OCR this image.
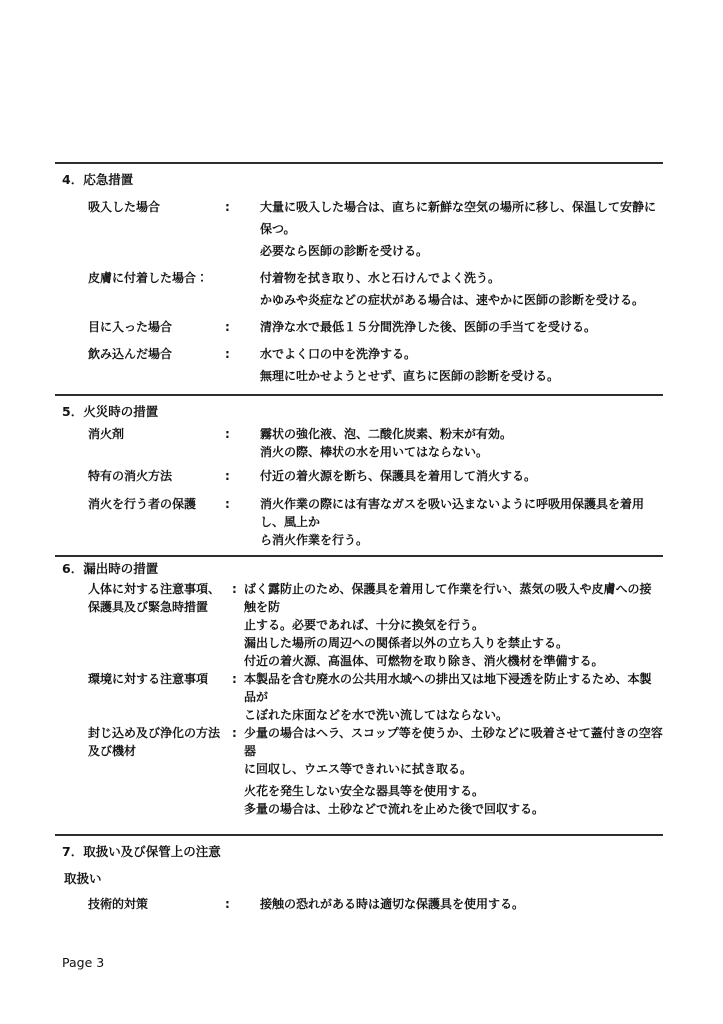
4．応急措置
吸入した場合	:	大量に吸入した場合は、直ちに新鮮な空気の場所に移し、保温して安静に保つ。
必要なら医師の診断を受ける。
皮膚に付着した場合：	付着物を拭き取り、水と石けんでよく洗う。
かゆみや炎症などの症状がある場合は、速やかに医師の診断を受ける。
目に入った場合	:	清浄な水で最低１５分間洗浄した後、医師の手当てを受ける。
飲み込んだ場合	:	水でよく口の中を洗浄する。
無理に吐かせようとせず、直ちに医師の診断を受ける。
5．火災時の措置
消火剤	:	霧状の強化液、泡、二酸化炭素、粉末が有効。
消火の際、棒状の水を用いてはならない。
特有の消火方法	:	付近の着火源を断ち、保護具を着用して消火する。
消火を行う者の保護	:	消火作業の際には有害なガスを吸い込まないように呼吸用保護具を着用し、風上か
ら消火作業を行う。
6．漏出時の措置
人体に対する注意事項、
保護具及び緊急時措置
: ばく露防止のため、保護具を着用して作業を行い、蒸気の吸入や皮膚への接触を防
止する。必要であれば、十分に換気を行う。
漏出した場所の周辺への関係者以外の立ち入りを禁止する。
付近の着火源、高温体、可燃物を取り除き、消火機材を準備する。
環境に対する注意事項	: 本製品を含む廃水の公共用水域への排出又は地下浸透を防止するため、本製品が
こぼれた床面などを水で洗い流してはならない。
封じ込め及び浄化の方法
及び機材
: 少量の場合はヘラ、スコップ等を使うか、土砂などに吸着させて蓋付きの空容器
に回収し、ウエス等できれいに拭き取る。
火花を発生しない安全な器具等を使用する。
多量の場合は、土砂などで流れを止めた後で回収する。
7．取扱い及び保管上の注意
取扱い
技術的対策	:	接触の恐れがある時は適切な保護具を使用する。
Page 3
